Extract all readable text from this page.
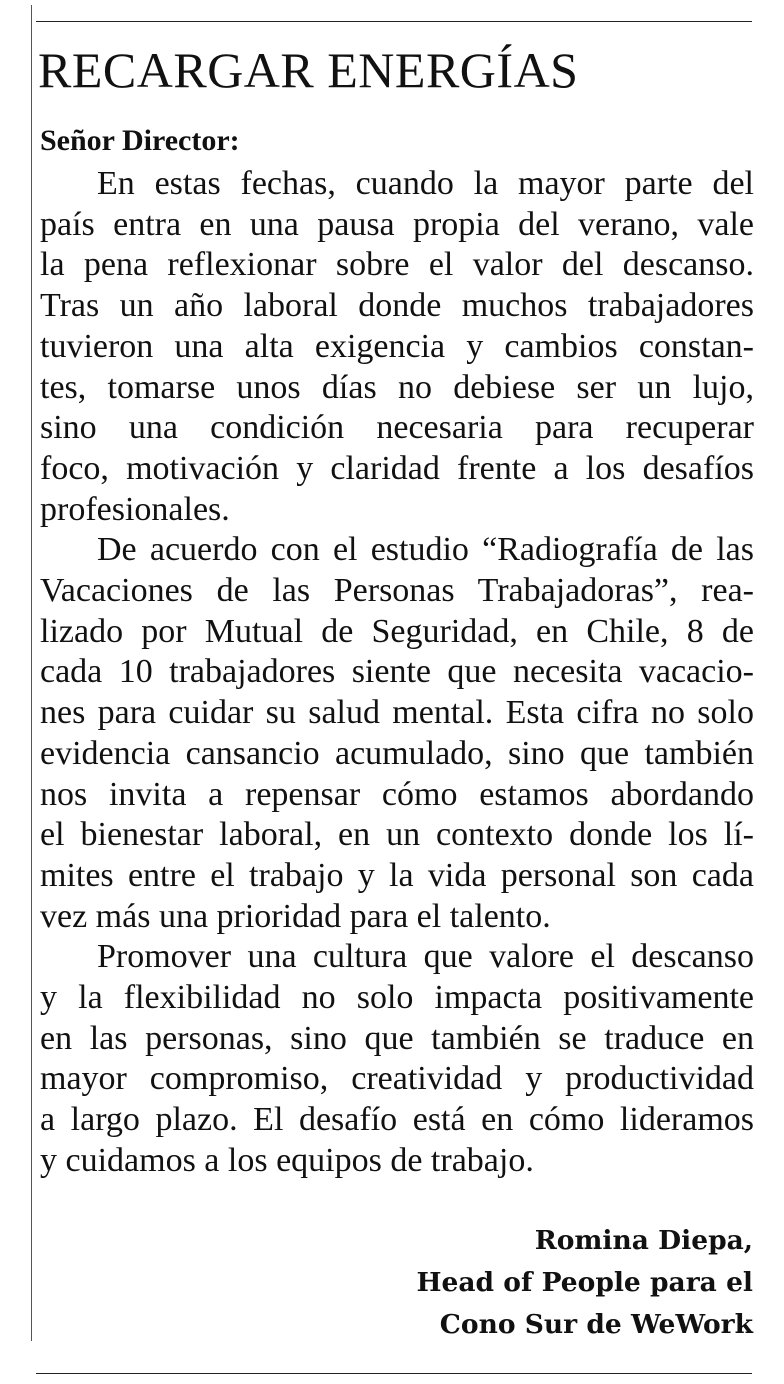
RECARGAR ENERGÍAS

Señor Director:

En estas fechas, cuando la mayor parte del
país entra en una pausa propia del verano, vale
la pena reflexionar sobre el valor del descanso.
Tras un año laboral donde muchos trabajadores
tuvieron una alta exigencia y cambios constan-
tes, tomarse unos días no debiese ser un lujo,
sino una condición necesaria para recuperar
foco, motivación y claridad frente a los desafíos
profesionales.

De acuerdo con el estudio “Radiografía de las
Vacaciones de las Personas Trabajadoras”, rea-
lizado por Mutual de Seguridad, en Chile, 8 de
cada 10 trabajadores siente que necesita vacacio-
nes para cuidar su salud mental. Esta cifra no solo
evidencia cansancio acumulado, sino que también
nos invita a repensar cómo estamos abordando
el bienestar laboral, en un contexto donde los lí-
mites entre el trabajo y la vida personal son cada
vez más una prioridad para el talento.

Promover una cultura que valore el descanso
y la flexibilidad no solo impacta positivamente
en las personas, sino que también se traduce en
mayor compromiso, creatividad y productividad
a largo plazo. El desafío está en cómo lideramos
y cuidamos a los equipos de trabajo.

Romina Diepa,
Head of People para el
Cono Sur de WeWork
